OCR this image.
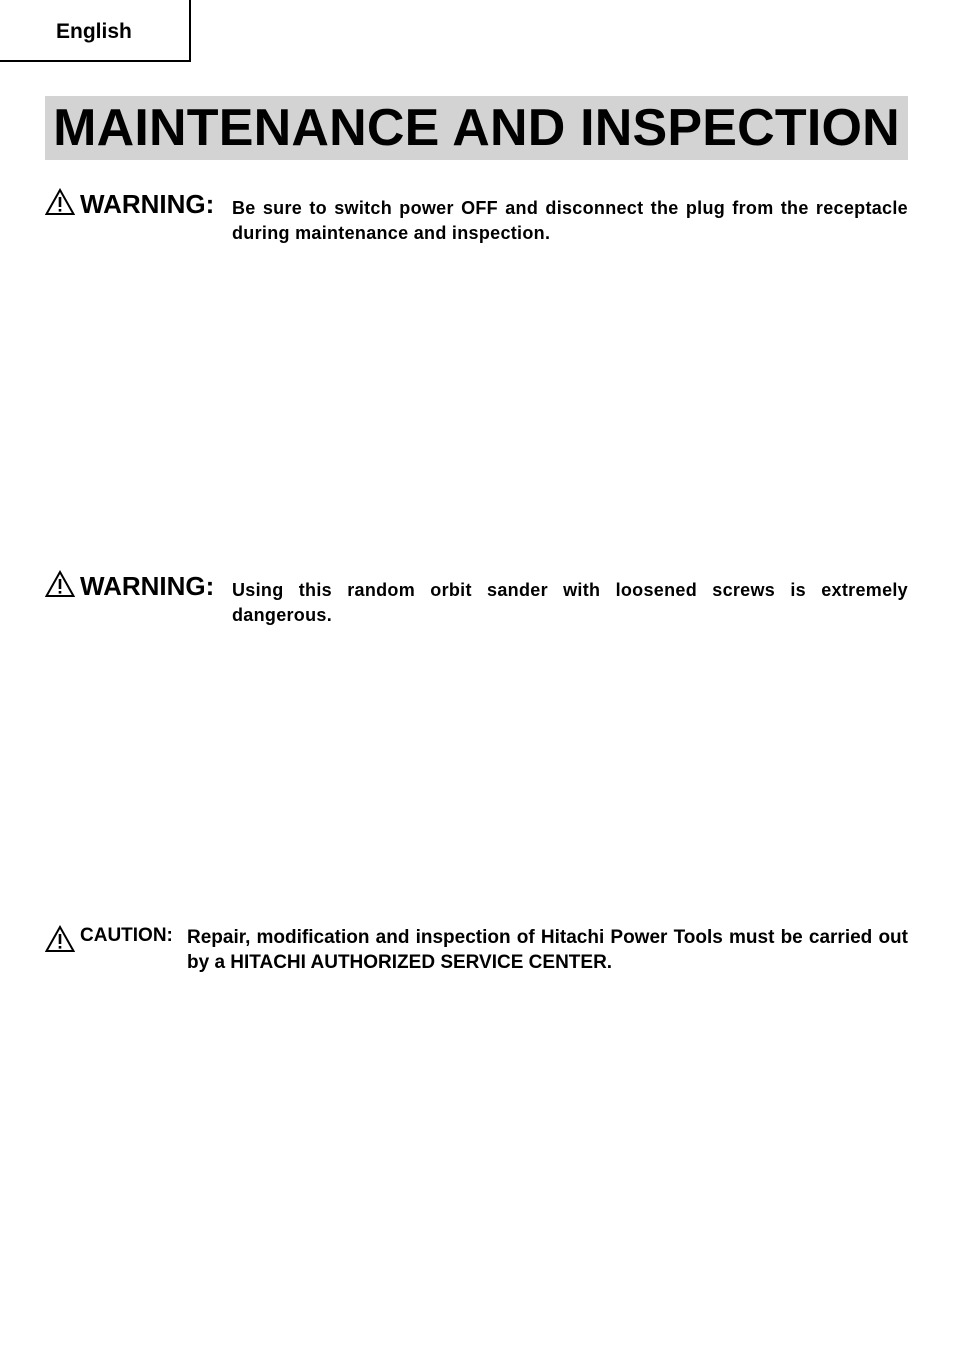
English
MAINTENANCE AND INSPECTION
WARNING: Be sure to switch power OFF and disconnect the plug from the receptacle during maintenance and inspection.
WARNING: Using this random orbit sander with loosened screws is extremely dangerous.
CAUTION: Repair, modification and inspection of Hitachi Power Tools must be carried out by a HITACHI AUTHORIZED SERVICE CENTER.
